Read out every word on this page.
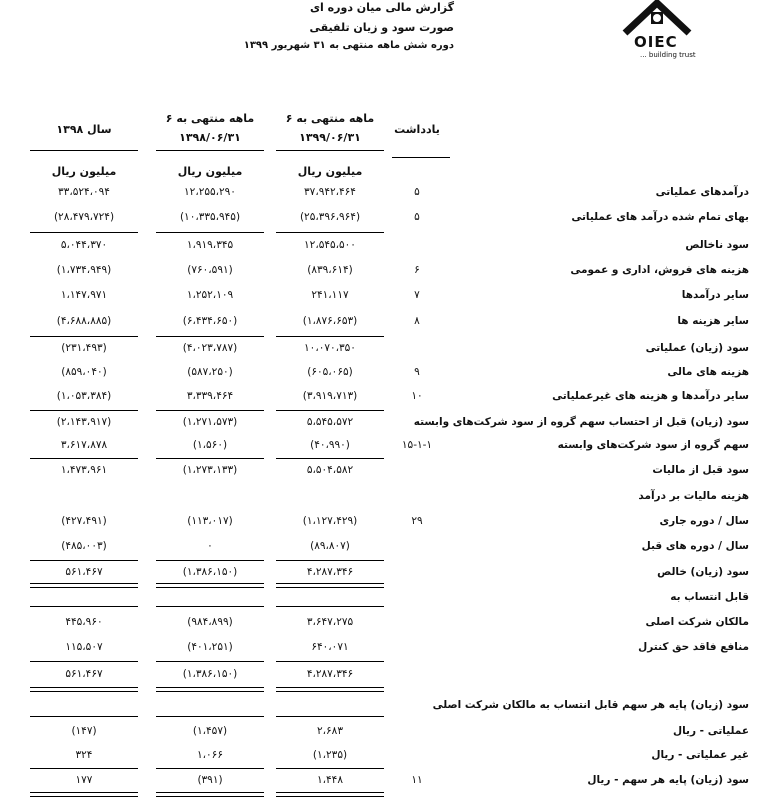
گزارش مالی میان دوره ای
صورت سود و زیان تلفیقی
دوره شش ماهه منتهی به ۳۱ شهریور ۱۳۹۹	OIEC
... building trust
یادداشت
۶ ماهه منتهی به
۱۳۹۹/۰۶/۳۱
۶ ماهه منتهی به
۱۳۹۸/۰۶/۳۱
سال ۱۳۹۸
میلیون ریال
میلیون ریال
میلیون ریال
درآمدهای عملیاتی
۵
۳۷،۹۴۲،۴۶۴
۱۲،۲۵۵،۲۹۰
۳۳،۵۲۴،۰۹۴
بهای تمام شده درآمد های عملیاتی
۵
(۲۵،۳۹۶،۹۶۴)
(۱۰،۳۳۵،۹۴۵)
(۲۸،۴۷۹،۷۲۴)
سود ناخالص
۱۲،۵۴۵،۵۰۰
۱،۹۱۹،۳۴۵
۵،۰۴۴،۳۷۰
هزینه های فروش، اداری و عمومی
۶
(۸۳۹،۶۱۴)
(۷۶۰،۵۹۱)
(۱،۷۳۴،۹۴۹)
سایر درآمدها
۷
۲۴۱،۱۱۷
۱،۲۵۲،۱۰۹
۱،۱۴۷،۹۷۱
سایر هزینه ها
۸
(۱،۸۷۶،۶۵۳)
(۶،۴۳۴،۶۵۰)
(۴،۶۸۸،۸۸۵)
سود (زیان) عملیاتی
۱۰،۰۷۰،۳۵۰
(۴،۰۲۳،۷۸۷)
(۲۳۱،۴۹۳)
هزینه های مالی
۹
(۶۰۵،۰۶۵)
(۵۸۷،۲۵۰)
(۸۵۹،۰۴۰)
سایر درآمدها و هزینه های غیرعملیاتی
۱۰
(۳،۹۱۹،۷۱۳)
۳،۳۳۹،۴۶۴
(۱،۰۵۳،۳۸۴)
سود (زیان) قبل از احتساب سهم گروه از سود شرکت‌های وابسته
۵،۵۴۵،۵۷۲
(۱،۲۷۱،۵۷۳)
(۲،۱۴۳،۹۱۷)
سهم گروه از سود شرکت‌های وابسته
۱۵-۱-۱
(۴۰،۹۹۰)
(۱،۵۶۰)
۳،۶۱۷،۸۷۸
سود قبل از مالیات
۵،۵۰۴،۵۸۲
(۱،۲۷۳،۱۳۳)
۱،۴۷۳،۹۶۱
هزینه مالیات بر درآمد
سال / دوره جاری
۲۹
(۱،۱۲۷،۴۲۹)
(۱۱۳،۰۱۷)
(۴۲۷،۴۹۱)
سال / دوره های قبل
(۸۹،۸۰۷)
۰
(۴۸۵،۰۰۳)
سود (زیان) خالص
۴،۲۸۷،۳۴۶
(۱،۳۸۶،۱۵۰)
۵۶۱،۴۶۷
قابل انتساب به
مالکان شرکت اصلی
۳،۶۴۷،۲۷۵
(۹۸۴،۸۹۹)
۴۴۵،۹۶۰
منافع فاقد حق کنترل
۶۴۰،۰۷۱
(۴۰۱،۲۵۱)
۱۱۵،۵۰۷
۴،۲۸۷،۳۴۶
(۱،۳۸۶،۱۵۰)
۵۶۱،۴۶۷
سود (زیان) پایه هر سهم قابل انتساب به مالکان شرکت اصلی
عملیاتی - ریال
۲،۶۸۳
(۱،۴۵۷)
(۱۴۷)
غیر عملیاتی - ریال
(۱،۲۳۵)
۱،۰۶۶
۳۲۴
سود (زیان) پایه هر سهم - ریال
۱۱
۱،۴۴۸
(۳۹۱)
۱۷۷
